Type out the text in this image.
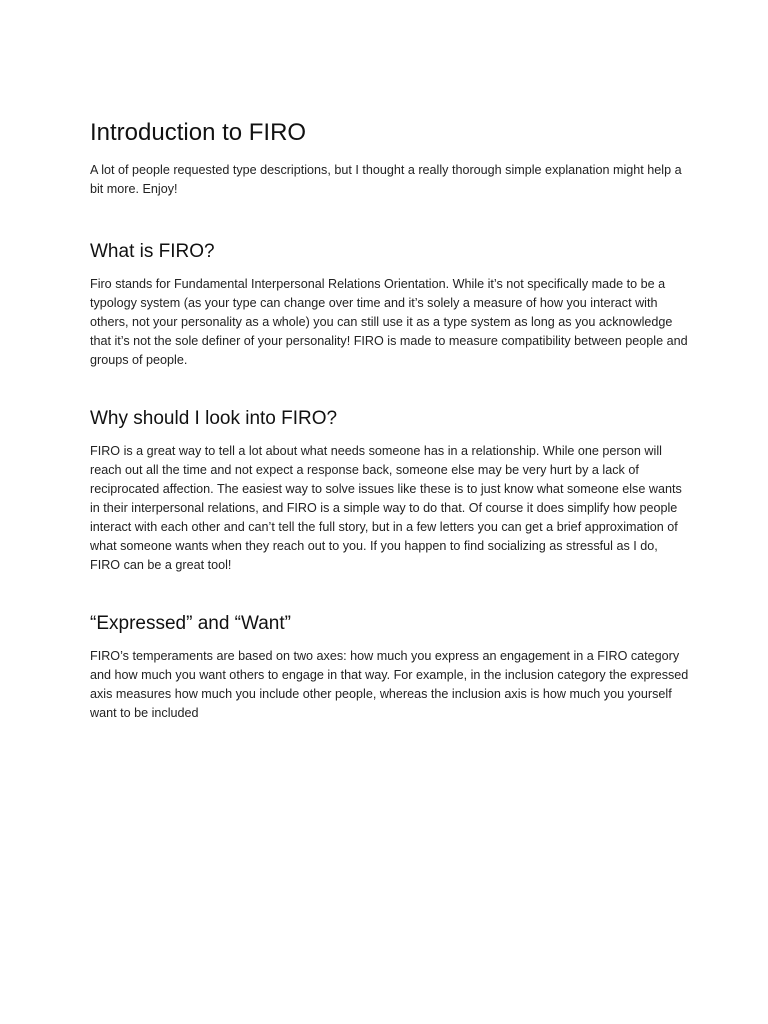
Introduction to FIRO

A lot of people requested type descriptions, but I thought a really thorough simple explanation might help a bit more. Enjoy!

What is FIRO?

Firo stands for Fundamental Interpersonal Relations Orientation. While it’s not specifically made to be a typology system (as your type can change over time and it’s solely a measure of how you interact with others, not your personality as a whole) you can still use it as a type system as long as you acknowledge that it’s not the sole definer of your personality! FIRO is made to measure compatibility between people and groups of people.

Why should I look into FIRO?

FIRO is a great way to tell a lot about what needs someone has in a relationship. While one person will reach out all the time and not expect a response back, someone else may be very hurt by a lack of reciprocated affection. The easiest way to solve issues like these is to just know what someone else wants in their interpersonal relations, and FIRO is a simple way to do that. Of course it does simplify how people interact with each other and can’t tell the full story, but in a few letters you can get a brief approximation of what someone wants when they reach out to you. If you happen to find socializing as stressful as I do, FIRO can be a great tool!

“Expressed” and “Want”

FIRO’s temperaments are based on two axes: how much you express an engagement in a FIRO category and how much you want others to engage in that way. For example, in the inclusion category the expressed axis measures how much you include other people, whereas the inclusion axis is how much you yourself want to be included
